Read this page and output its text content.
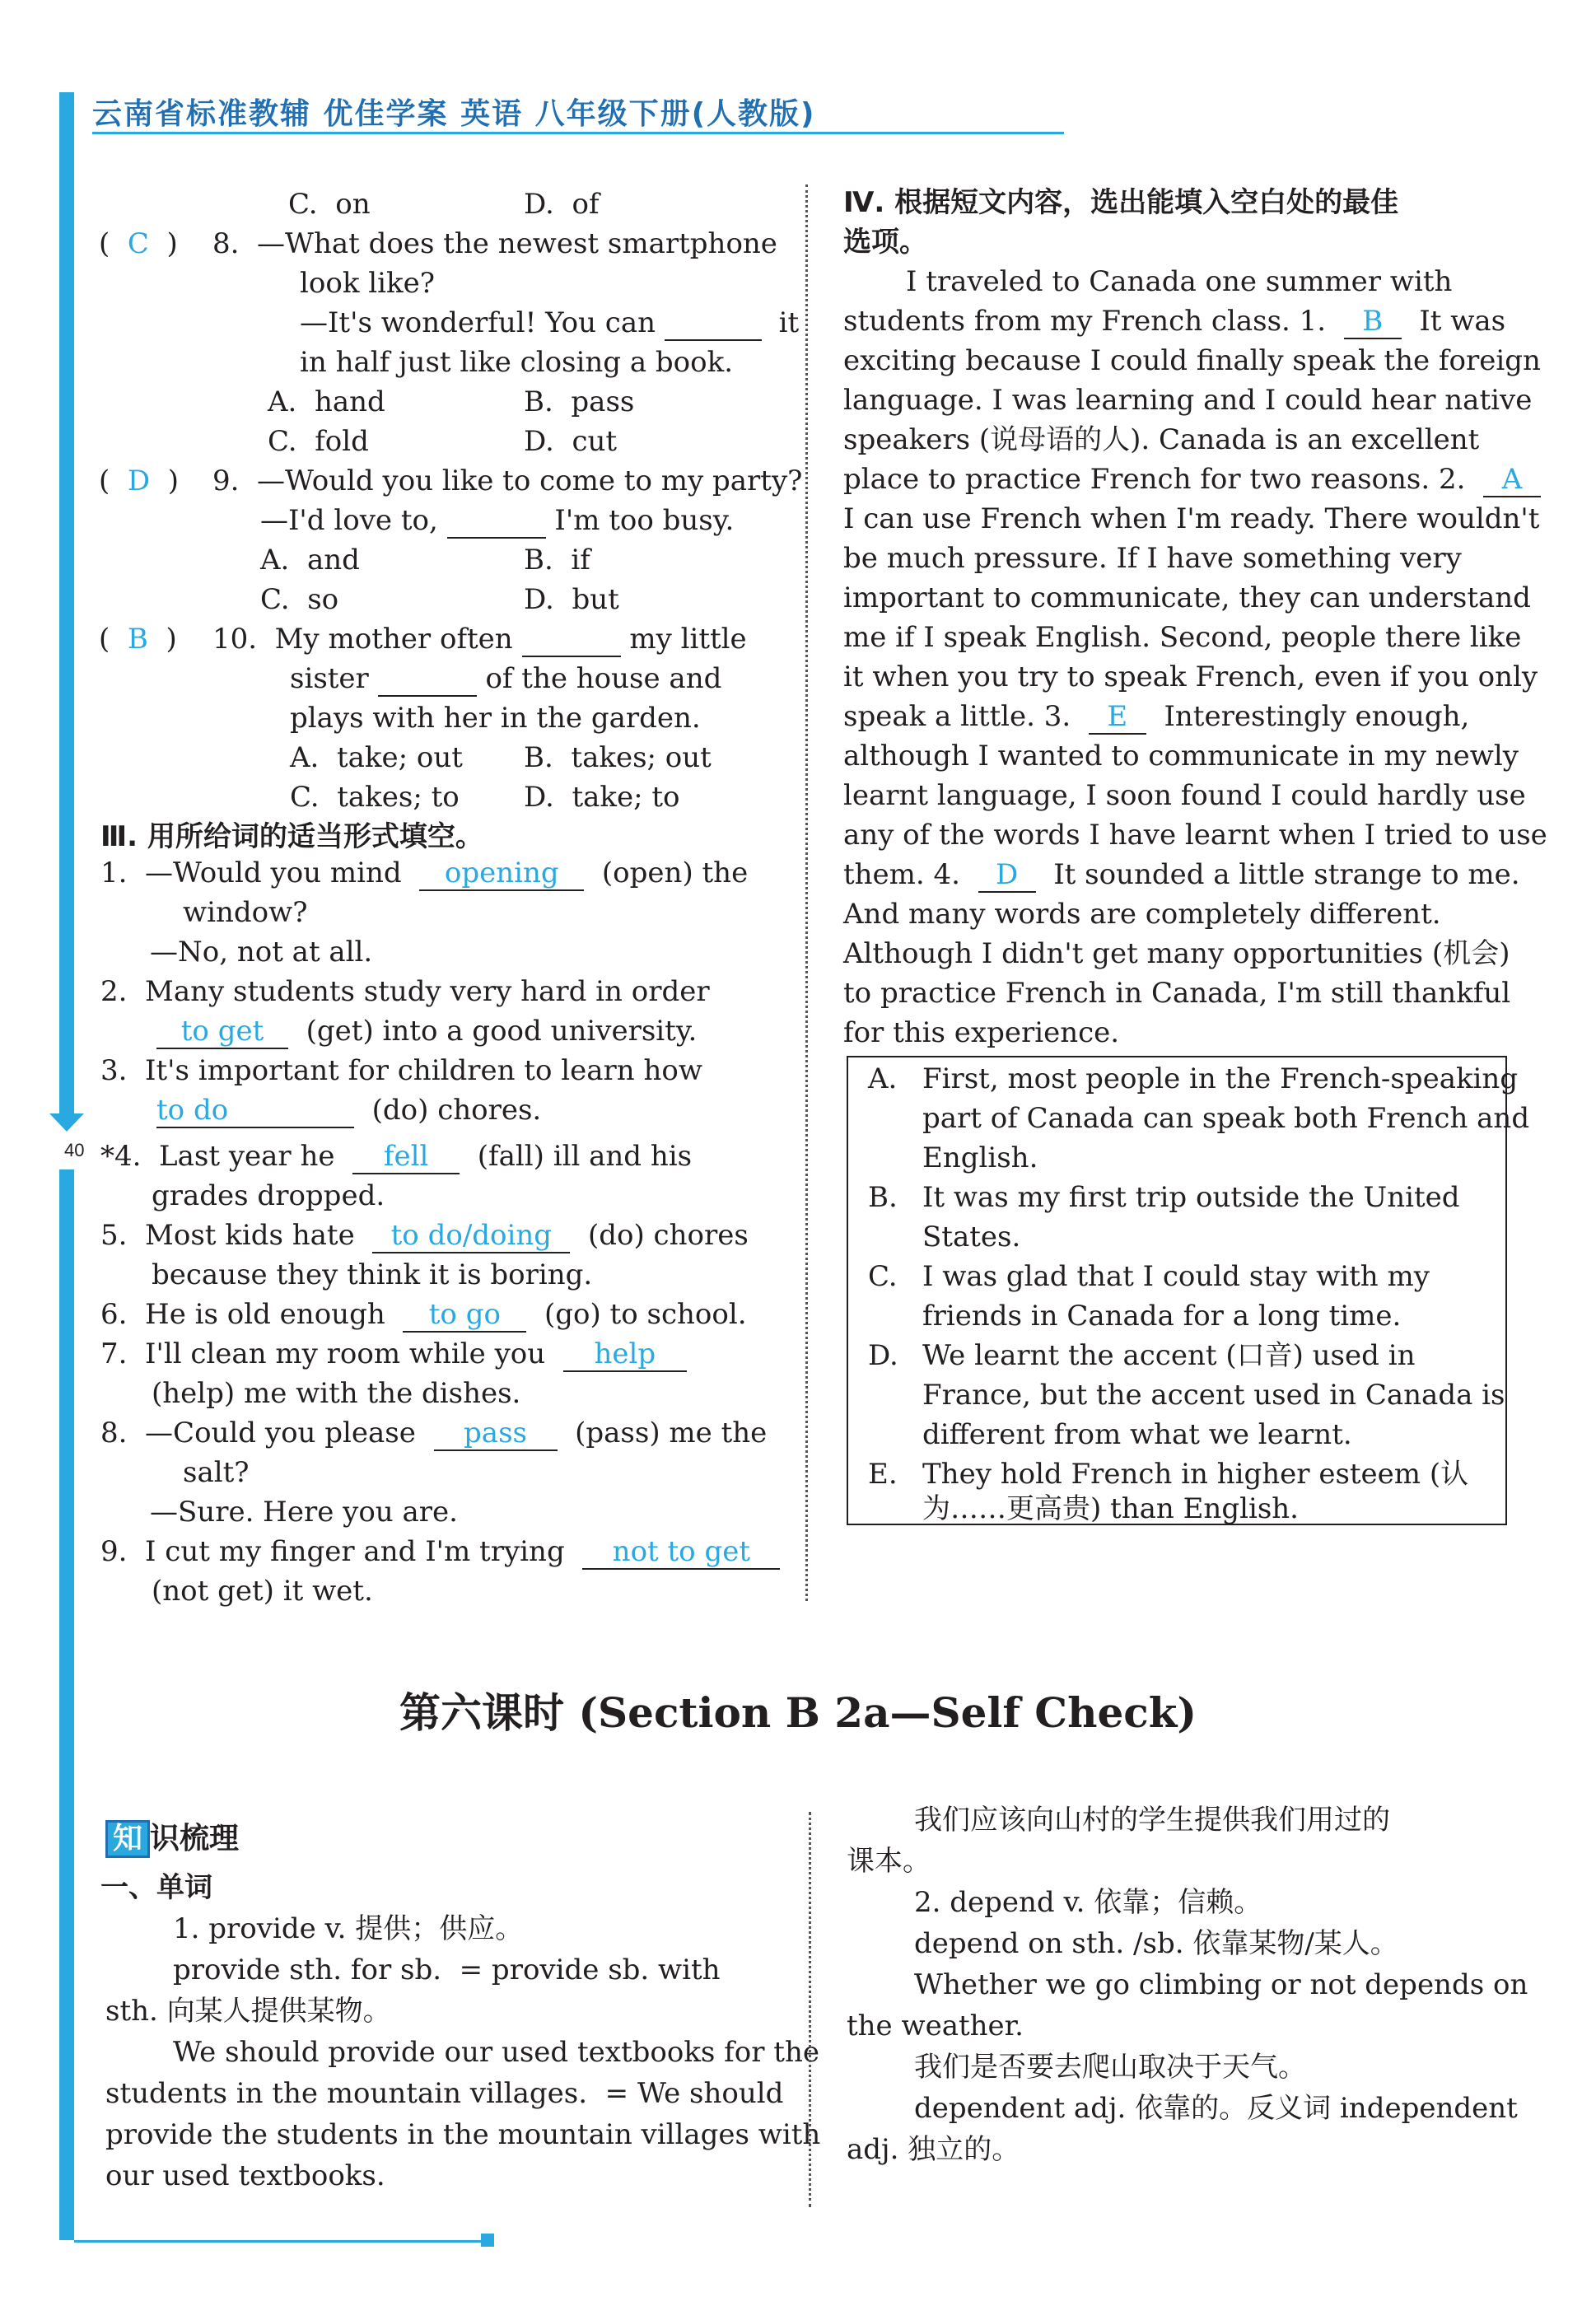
云南省标准教辅 优佳学案 英语 八年级下册(人教版)
40
C.  on	D.  of
(  C  ) 8.  —What does the newest smartphone
look like?
—It's wonderful! You can	it
in half just like closing a book.
A.  hand	B.  pass
C.  fold	D.  cut
(  D  ) 9.  —Would you like to come to my party?
—I'd love to,	I'm too busy.
A.  and	B.  if
C.  so	D.  but
(  B  ) 10.  My mother often	my little
sister	of the house and
plays with her in the garden.
A.  take; out B.  takes; out
C.  takes; to D.  take; to
Ⅲ. 用所给词的适当形式填空。
1.  —Would you mind opening (open) the
window?
—No, not at all.
2.  Many students study very hard in order
to get (get) into a good university.
3.  It's important for children to learn how
to do	(do) chores.
*4.  Last year he fell (fall) ill and his
grades dropped.
5.  Most kids hate to do/doing (do) chores
because they think it is boring.
6.  He is old enough to go (go) to school.
7.  I'll clean my room while you help
(help) me with the dishes.
8.  —Could you please pass (pass) me the
salt?
—Sure. Here you are.
9.  I cut my finger and I'm trying not to get
(not get) it wet.
Ⅳ. 根据短文内容，选出能填入空白处的最佳
选项。
I traveled to Canada one summer with
students from my French class. 1. B It was
exciting because I could finally speak the foreign
language. I was learning and I could hear native
speakers (说母语的人). Canada is an excellent
place to practice French for two reasons. 2. A
I can use French when I'm ready. There wouldn't
be much pressure. If I have something very
important to communicate, they can understand
me if I speak English. Second, people there like
it when you try to speak French, even if you only
speak a little. 3. E Interestingly enough,
although I wanted to communicate in my newly
learnt language, I soon found I could hardly use
any of the words I have learnt when I tried to use
them. 4. D It sounded a little strange to me.
And many words are completely different.
Although I didn't get many opportunities (机会)
to practice French in Canada, I'm still thankful
for this experience.
A. First, most people in the French-speaking
part of Canada can speak both French and
English.
B. It was my first trip outside the United
States.
C. I was glad that I could stay with my
friends in Canada for a long time.
D. We learnt the accent (口音) used in
France, but the accent used in Canada is
different from what we learnt.
E. They hold French in higher esteem (认
为……更高贵) than English.
第六课时 (Section B 2a—Self Check)
知 识梳理
一、单词
1. provide v. 提供；供应。
provide sth. for sb.  = provide sb. with
sth. 向某人提供某物。
We should provide our used textbooks for the
students in the mountain villages.  = We should
provide the students in the mountain villages with
our used textbooks.
我们应该向山村的学生提供我们用过的
课本。
2. depend v. 依靠；信赖。
depend on sth. /sb. 依靠某物/某人。
Whether we go climbing or not depends on
the weather.
我们是否要去爬山取决于天气。
dependent adj. 依靠的。反义词 independent
adj. 独立的。
